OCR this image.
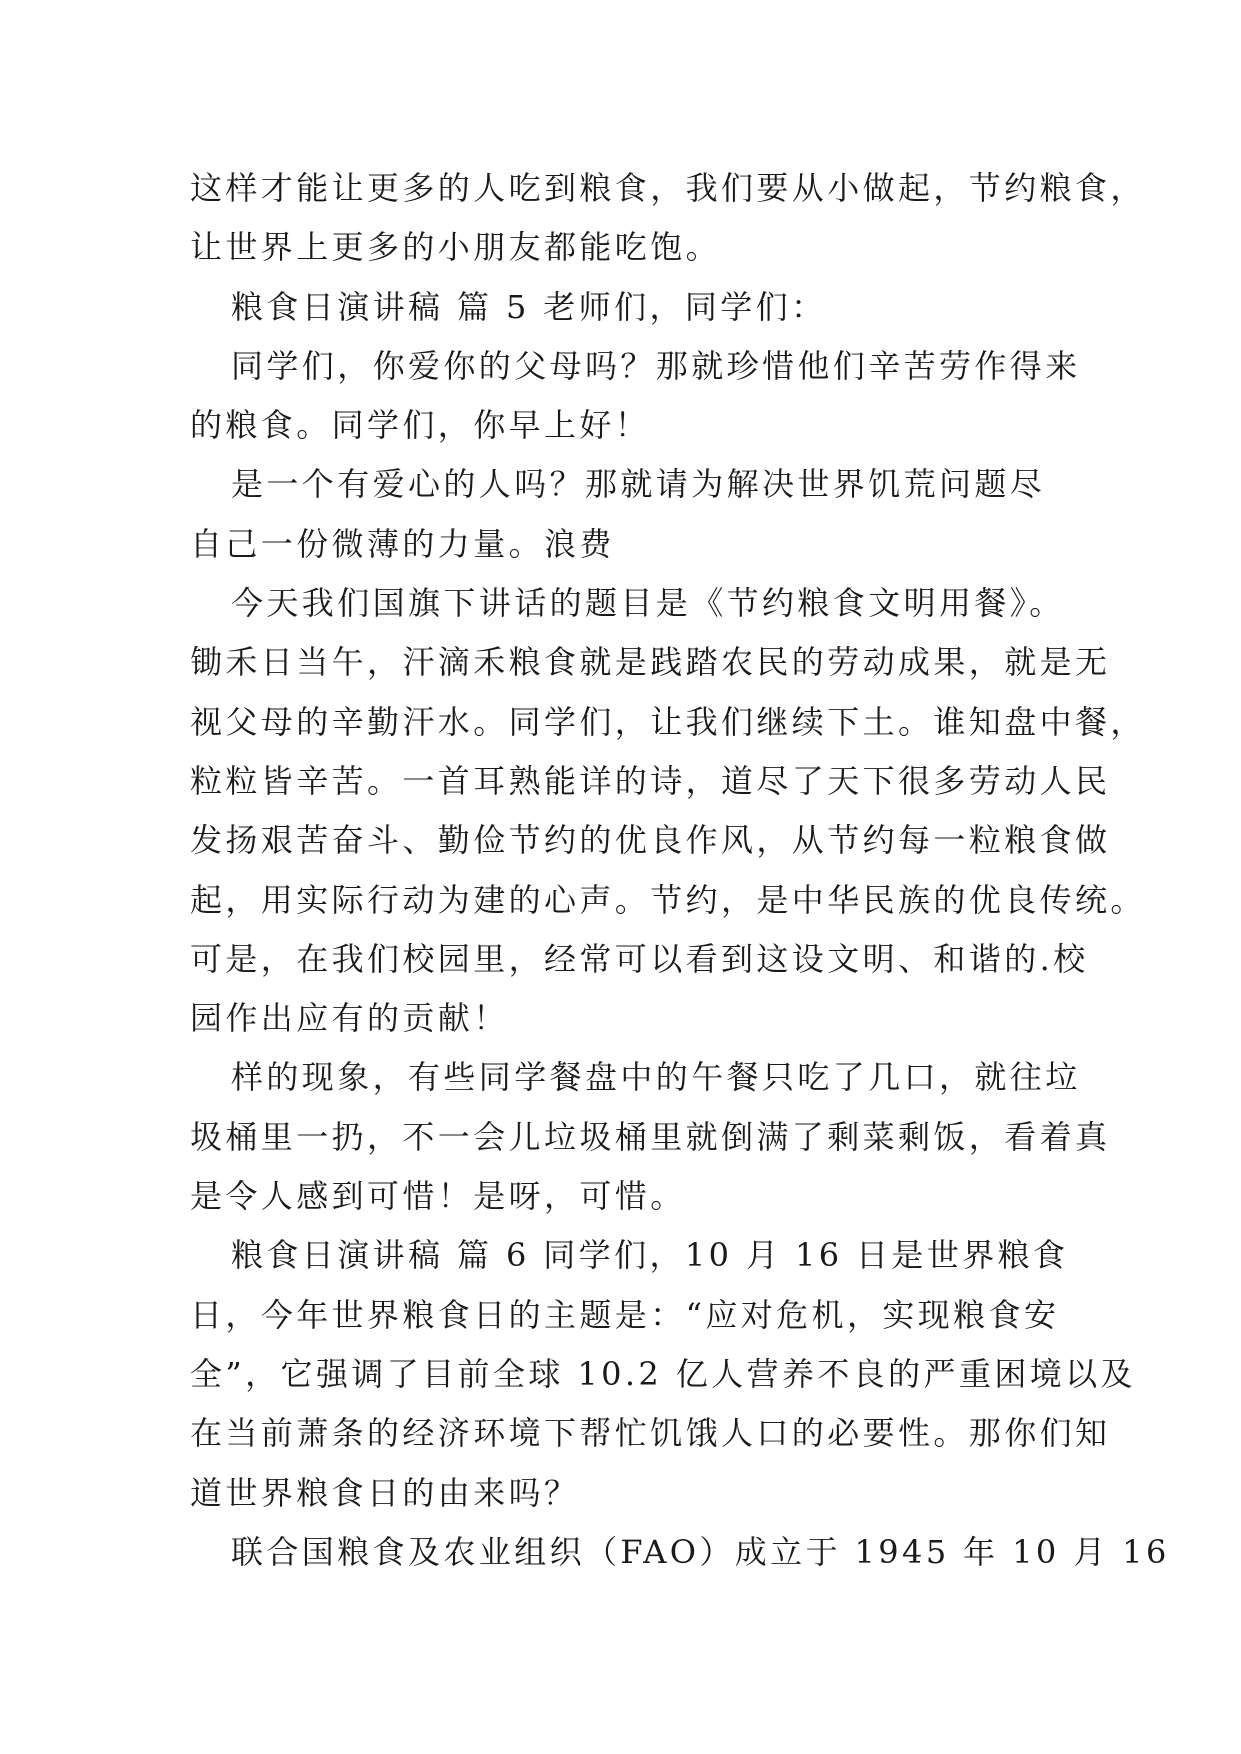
这样才能让更多的人吃到粮食，我们要从小做起，节约粮食，
让世界上更多的小朋友都能吃饱。
粮食日演讲稿 篇 5 老师们，同学们：
同学们，你爱你的父母吗？那就珍惜他们辛苦劳作得来
的粮食。同学们，你早上好！
是一个有爱心的人吗？那就请为解决世界饥荒问题尽
自己一份微薄的力量。浪费
今天我们国旗下讲话的题目是《节约粮食文明用餐》。
锄禾日当午，汗滴禾粮食就是践踏农民的劳动成果，就是无
视父母的辛勤汗水。同学们，让我们继续下土。谁知盘中餐，
粒粒皆辛苦。一首耳熟能详的诗，道尽了天下很多劳动人民
发扬艰苦奋斗、勤俭节约的优良作风，从节约每一粒粮食做
起，用实际行动为建的心声。节约，是中华民族的优良传统。
可是，在我们校园里，经常可以看到这设文明、和谐的.校
园作出应有的贡献！
样的现象，有些同学餐盘中的午餐只吃了几口，就往垃
圾桶里一扔，不一会儿垃圾桶里就倒满了剩菜剩饭，看着真
是令人感到可惜！是呀，可惜。
粮食日演讲稿 篇 6 同学们，10 月 16 日是世界粮食
日，今年世界粮食日的主题是：“应对危机，实现粮食安
全”，它强调了目前全球 10.2 亿人营养不良的严重困境以及
在当前萧条的经济环境下帮忙饥饿人口的必要性。那你们知
道世界粮食日的由来吗？
联合国粮食及农业组织（FAO）成立于 1945 年 10 月 16
